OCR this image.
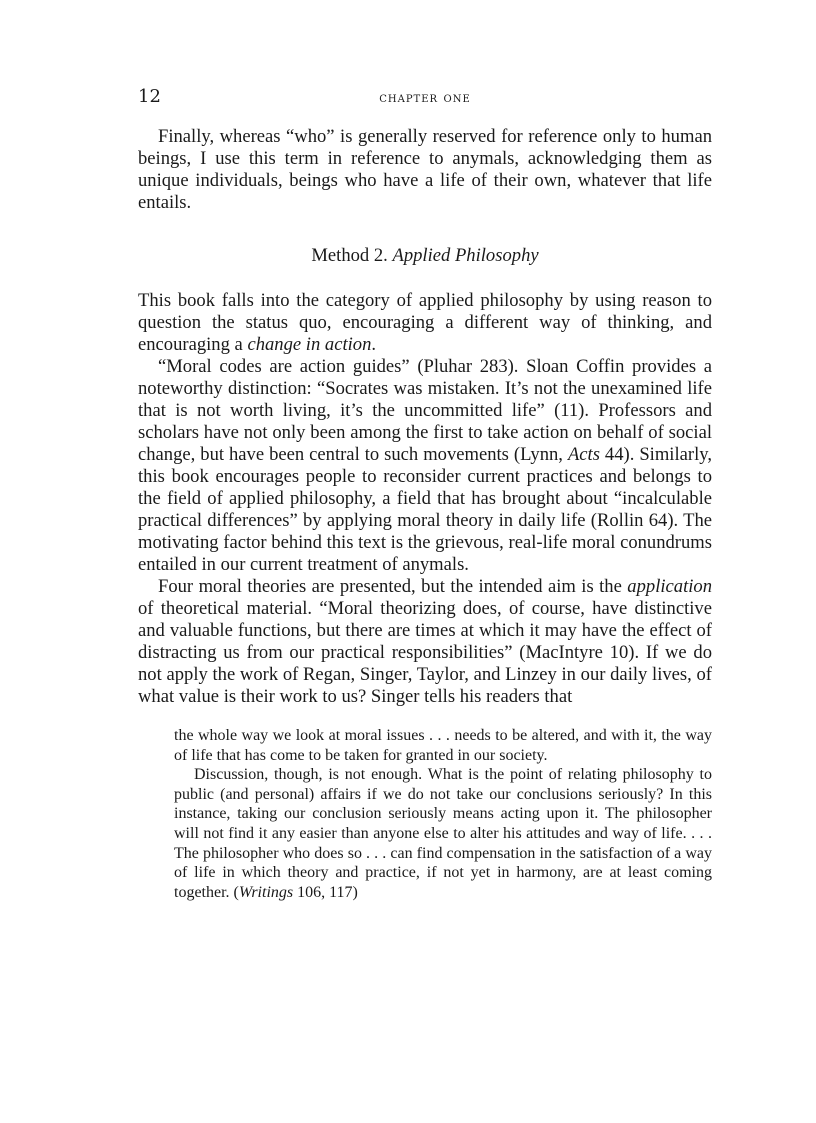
12	chapter one

Finally, whereas “who” is generally reserved for reference only to human beings, I use this term in reference to anymals, acknowledging them as unique individuals, beings who have a life of their own, whatever that life entails.

Method 2. Applied Philosophy

This book falls into the category of applied philosophy by using reason to question the status quo, encouraging a different way of thinking, and encouraging a change in action.

“Moral codes are action guides” (Pluhar 283). Sloan Coffin provides a noteworthy distinction: “Socrates was mistaken. It’s not the unexamined life that is not worth living, it’s the uncommitted life” (11). Professors and scholars have not only been among the first to take action on behalf of social change, but have been central to such movements (Lynn, Acts 44). Similarly, this book encourages people to reconsider current practices and belongs to the field of applied philosophy, a field that has brought about “incalculable practical differences” by applying moral theory in daily life (Rollin 64). The motivating factor behind this text is the grievous, real-life moral conundrums entailed in our current treatment of anymals.

Four moral theories are presented, but the intended aim is the application of theoretical material. “Moral theorizing does, of course, have distinctive and valuable functions, but there are times at which it may have the effect of distracting us from our practical responsibilities” (MacIntyre 10). If we do not apply the work of Regan, Singer, Taylor, and Linzey in our daily lives, of what value is their work to us? Singer tells his readers that

the whole way we look at moral issues . . . needs to be altered, and with it, the way of life that has come to be taken for granted in our society.

Discussion, though, is not enough. What is the point of relating philosophy to public (and personal) affairs if we do not take our conclusions seriously? In this instance, taking our conclusion seriously means acting upon it. The philosopher will not find it any easier than anyone else to alter his attitudes and way of life. . . . The philosopher who does so . . . can find compensation in the satisfaction of a way of life in which theory and practice, if not yet in harmony, are at least coming together. (Writings 106, 117)
